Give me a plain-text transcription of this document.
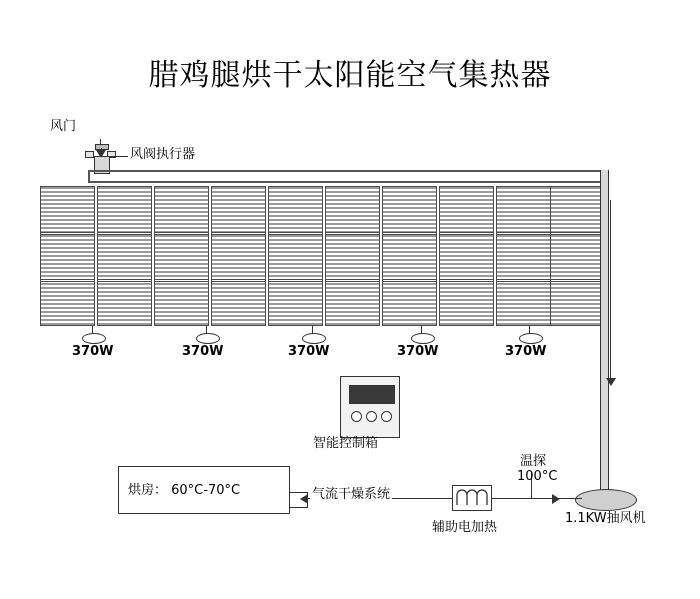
腊鸡腿烘干太阳能空气集热器
风门
风阀执行器
370W	370W	370W	370W	370W
1.1KW抽风机
智能控制箱
烘房： 60°C-70°C	气流干燥系统
辅助电加热
温探
100°C
